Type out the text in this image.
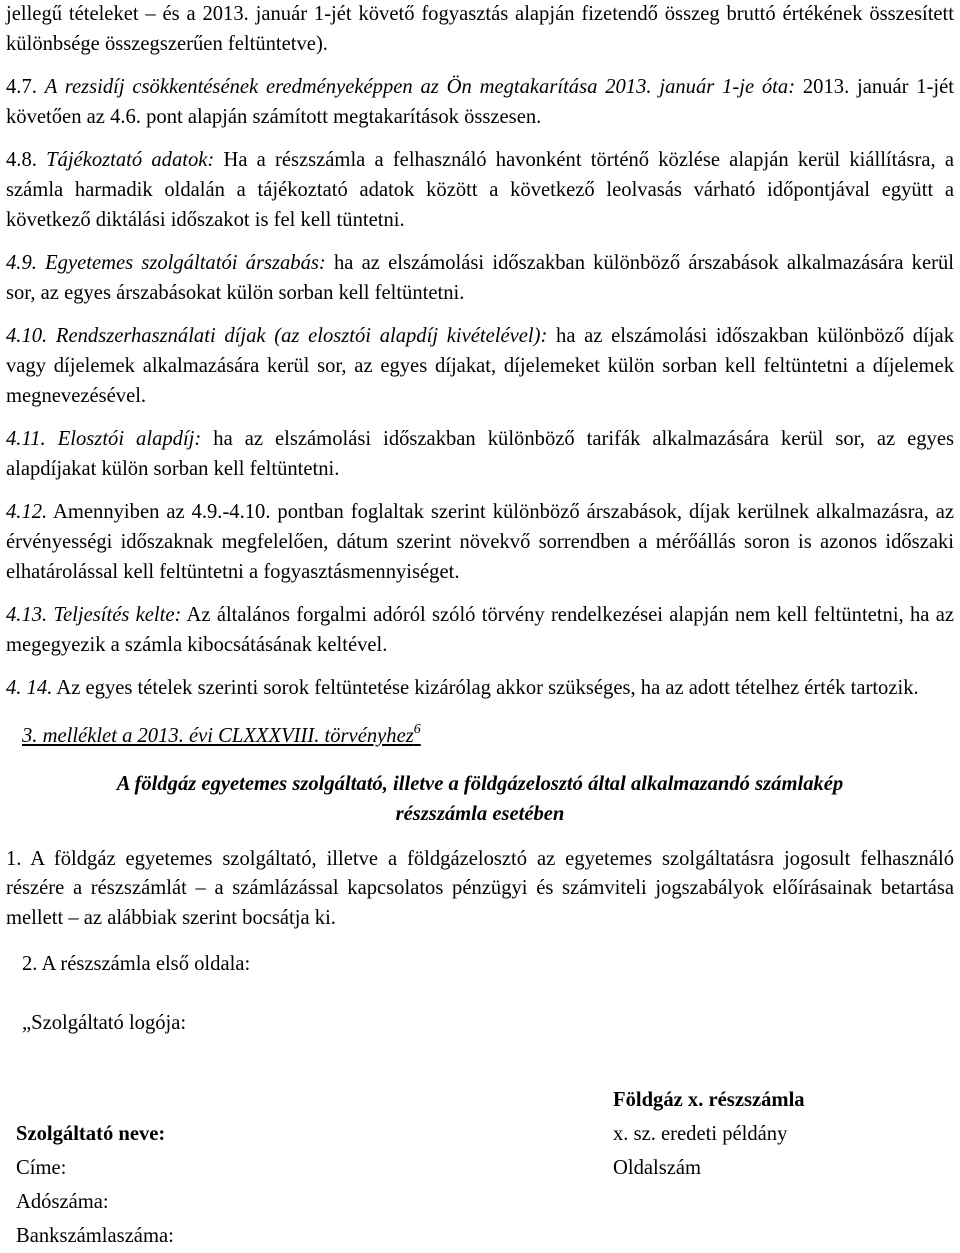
jellegű tételeket – és a 2013. január 1-jét követő fogyasztás alapján fizetendő összeg bruttó értékének összesített különbsége összegszerűen feltüntetve).

4.7. A rezsidíj csökkentésének eredményeképpen az Ön megtakarítása 2013. január 1-je óta: 2013. január 1-jét követően az 4.6. pont alapján számított megtakarítások összesen.

4.8. Tájékoztató adatok: Ha a részszámla a felhasználó havonként történő közlése alapján kerül kiállításra, a számla harmadik oldalán a tájékoztató adatok között a következő leolvasás várható időpontjával együtt a következő diktálási időszakot is fel kell tüntetni.

4.9. Egyetemes szolgáltatói árszabás: ha az elszámolási időszakban különböző árszabások alkalmazására kerül sor, az egyes árszabásokat külön sorban kell feltüntetni.

4.10. Rendszerhasználati díjak (az elosztói alapdíj kivételével): ha az elszámolási időszakban különböző díjak vagy díjelemek alkalmazására kerül sor, az egyes díjakat, díjelemeket külön sorban kell feltüntetni a díjelemek megnevezésével.

4.11. Elosztói alapdíj: ha az elszámolási időszakban különböző tarifák alkalmazására kerül sor, az egyes alapdíjakat külön sorban kell feltüntetni.

4.12. Amennyiben az 4.9.-4.10. pontban foglaltak szerint különböző árszabások, díjak kerülnek alkalmazásra, az érvényességi időszaknak megfelelően, dátum szerint növekvő sorrendben a mérőállás soron is azonos időszaki elhatárolással kell feltüntetni a fogyasztásmennyiséget.

4.13. Teljesítés kelte: Az általános forgalmi adóról szóló törvény rendelkezései alapján nem kell feltüntetni, ha az megegyezik a számla kibocsátásának keltével.

4. 14. Az egyes tételek szerinti sorok feltüntetése kizárólag akkor szükséges, ha az adott tételhez érték tartozik.

3. melléklet a 2013. évi CLXXXVIII. törvényhez$^6$
A földgáz egyetemes szolgáltató, illetve a földgázelosztó által alkalmazandó számlakép
részszámla esetében

1. A földgáz egyetemes szolgáltató, illetve a földgázelosztó az egyetemes szolgáltatásra jogosult felhasználó részére a részszámlát – a számlázással kapcsolatos pénzügyi és számviteli jogszabályok előírásainak betartása mellett – az alábbiak szerint bocsátja ki.

2. A részszámla első oldala:
„Szolgáltató logója:
Szolgáltató neve:
Címe:
Adószáma:
Bankszámlaszáma:
Földgáz x. részszámla
x. sz. eredeti példány
Oldalszám
